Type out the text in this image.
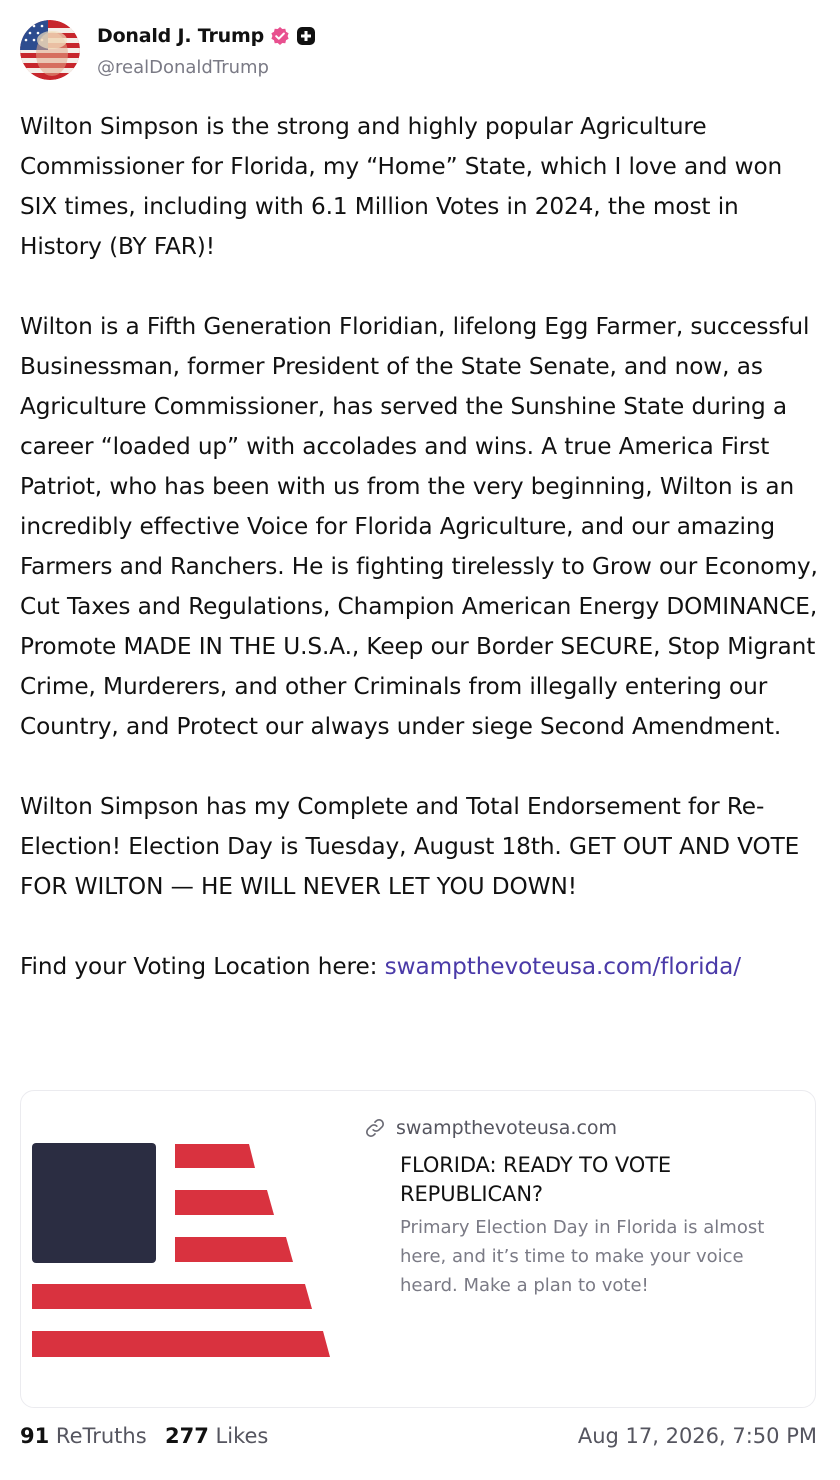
Donald J. Trump
@realDonaldTrump

Wilton Simpson is the strong and highly popular Agriculture Commissioner for Florida, my “Home” State, which I love and won SIX times, including with 6.1 Million Votes in 2024, the most in History (BY FAR)!

Wilton is a Fifth Generation Floridian, lifelong Egg Farmer, successful Businessman, former President of the State Senate, and now, as Agriculture Commissioner, has served the Sunshine State during a career “loaded up” with accolades and wins. A true America First Patriot, who has been with us from the very beginning, Wilton is an incredibly effective Voice for Florida Agriculture, and our amazing Farmers and Ranchers. He is fighting tirelessly to Grow our Economy, Cut Taxes and Regulations, Champion American Energy DOMINANCE, Promote MADE IN THE U.S.A., Keep our Border SECURE, Stop Migrant Crime, Murderers, and other Criminals from illegally entering our Country, and Protect our always under siege Second Amendment.

Wilton Simpson has my Complete and Total Endorsement for Re-Election! Election Day is Tuesday, August 18th. GET OUT AND VOTE FOR WILTON — HE WILL NEVER LET YOU DOWN!

Find your Voting Location here: swampthevoteusa.com/florida/

swampthevoteusa.com
FLORIDA: READY TO VOTE REPUBLICAN?
Primary Election Day in Florida is almost here, and it’s time to make your voice heard. Make a plan to vote!
91 ReTruths 277 Likes	Aug 17, 2026, 7:50 PM
